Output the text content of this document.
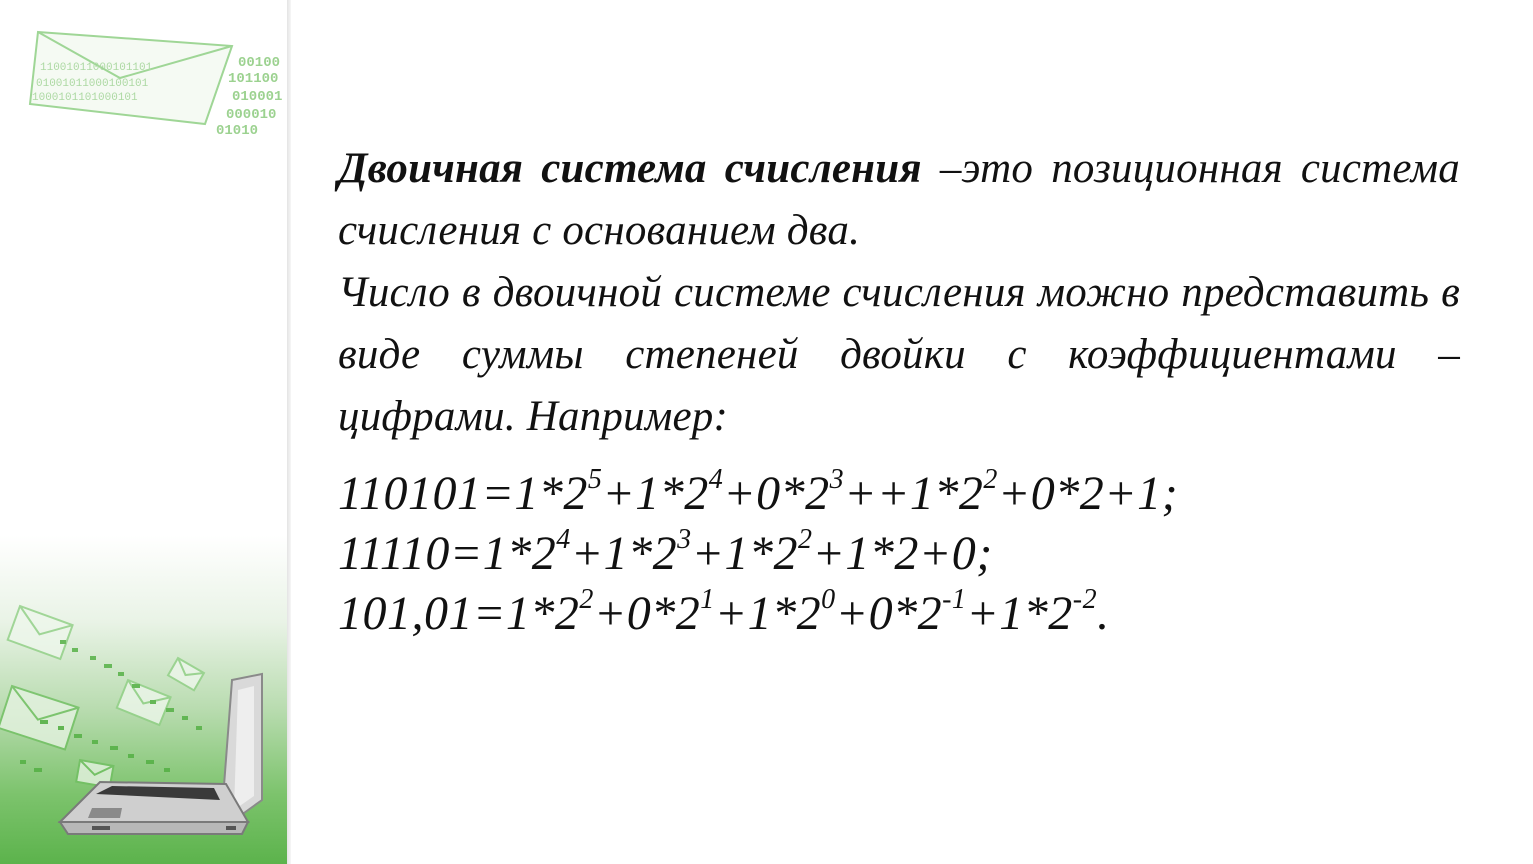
11001011000101101
01001011000100101
1000101101000101
00100
101100
010001
000010
01010

Двоичная система счисления –это позиционная система счисления с основанием два.

Число в двоичной системе счисления можно представить в виде суммы степеней двойки с коэффициентами – цифрами. Например:

$110101=1*2^5+1*2^4+0*2^3++1*2^2+0*2+1$;
$11110=1*2^4+1*2^3+1*2^2+1*2+0$;
$101,01=1*2^2+0*2^1+1*2^0+0*2^{-1}+1*2^{-2}$.
